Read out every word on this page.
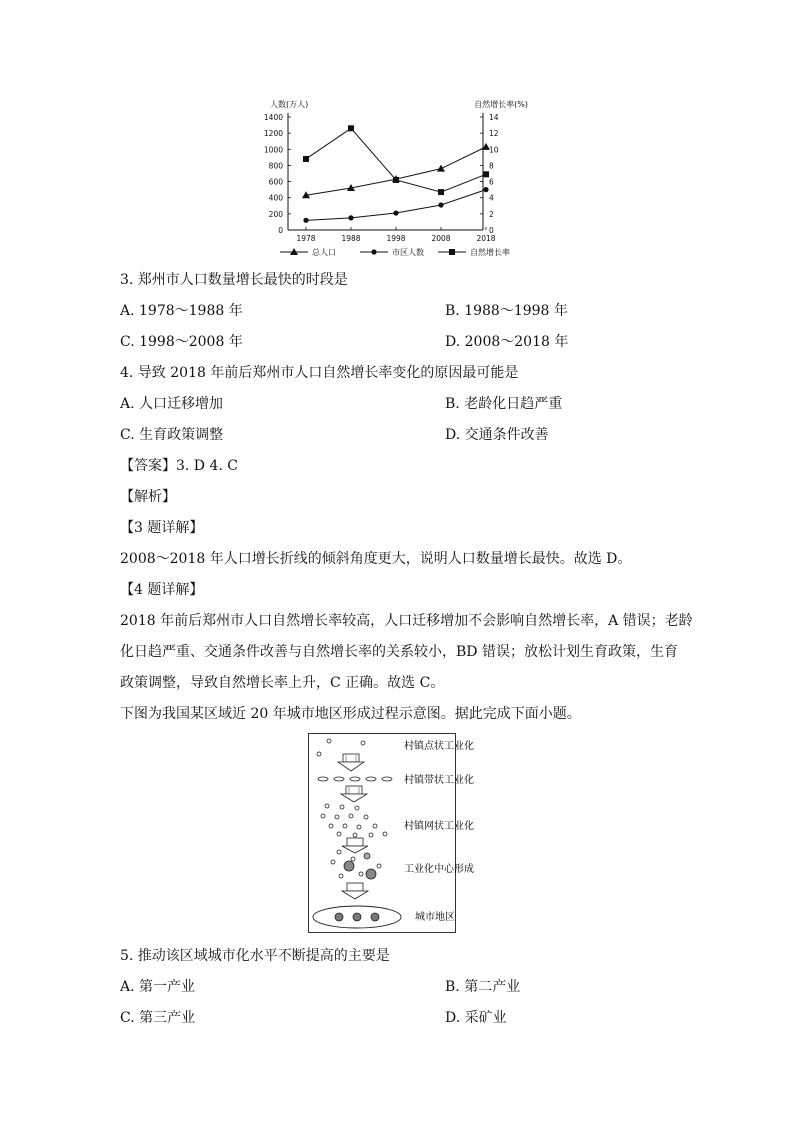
人数(万人)	自然增长率(%)
1400
1200
1000
800
600
400
200
0
14
12
10
8
6
4
2
0
1978	1988	1998	2008	2018
总人口	市区人数	自然增长率
3. 郑州市人口数量增长最快的时段是
A. 1978～1988 年	B. 1988～1998 年
C. 1998～2008 年	D. 2008～2018 年
4. 导致 2018 年前后郑州市人口自然增长率变化的原因最可能是
A. 人口迁移增加	B. 老龄化日趋严重
C. 生育政策调整	D. 交通条件改善
【答案】3. D 4. C
【解析】
【3 题详解】
2008～2018 年人口增长折线的倾斜角度更大，说明人口数量增长最快。故选 D。
【4 题详解】
2018 年前后郑州市人口自然增长率较高，人口迁移增加不会影响自然增长率，A 错误；老龄
化日趋严重、交通条件改善与自然增长率的关系较小，BD 错误；放松计划生育政策，生育
政策调整，导致自然增长率上升，C 正确。故选 C。
下图为我国某区域近 20 年城市地区形成过程示意图。据此完成下面小题。
村镇点状工业化
村镇带状工业化
村镇网状工业化
工业化中心形成
城市地区
5. 推动该区域城市化水平不断提高的主要是
A. 第一产业	B. 第二产业
C. 第三产业	D. 采矿业
